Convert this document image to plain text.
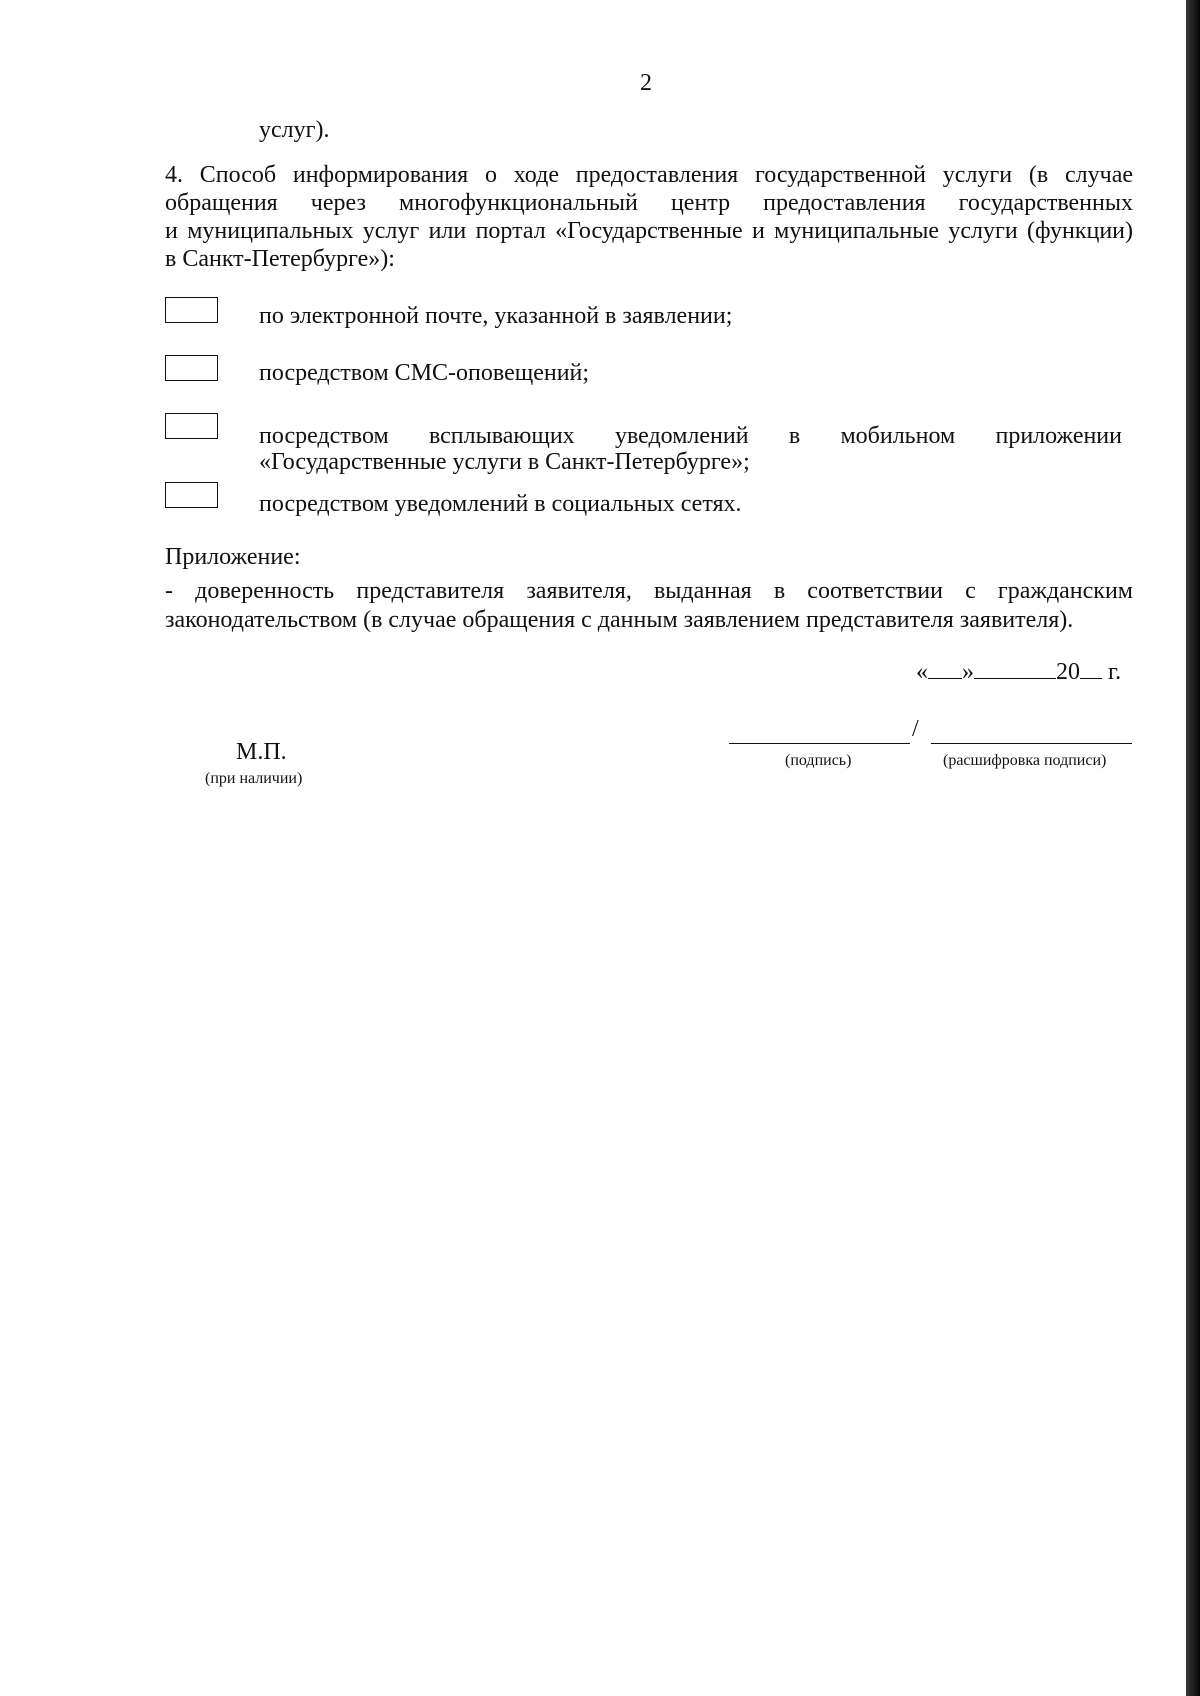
2
услуг).
4. Способ информирования о ходе предоставления государственной услуги (в случае
обращения через многофункциональный центр предоставления государственных
и муниципальных услуг или портал «Государственные и муниципальные услуги (функции)
в Санкт-Петербурге»):
по электронной почте, указанной в заявлении;
посредством СМС-оповещений;
посредством всплывающих уведомлений в мобильном приложении
«Государственные услуги в Санкт-Петербурге»;
посредством уведомлений в социальных сетях.
Приложение:
- доверенность представителя заявителя, выданная в соответствии с гражданским
законодательством (в случае обращения с данным заявлением представителя заявителя).
« »	20 г.
М.П.
(при наличии)
/
(подпись)	(расшифровка подписи)
